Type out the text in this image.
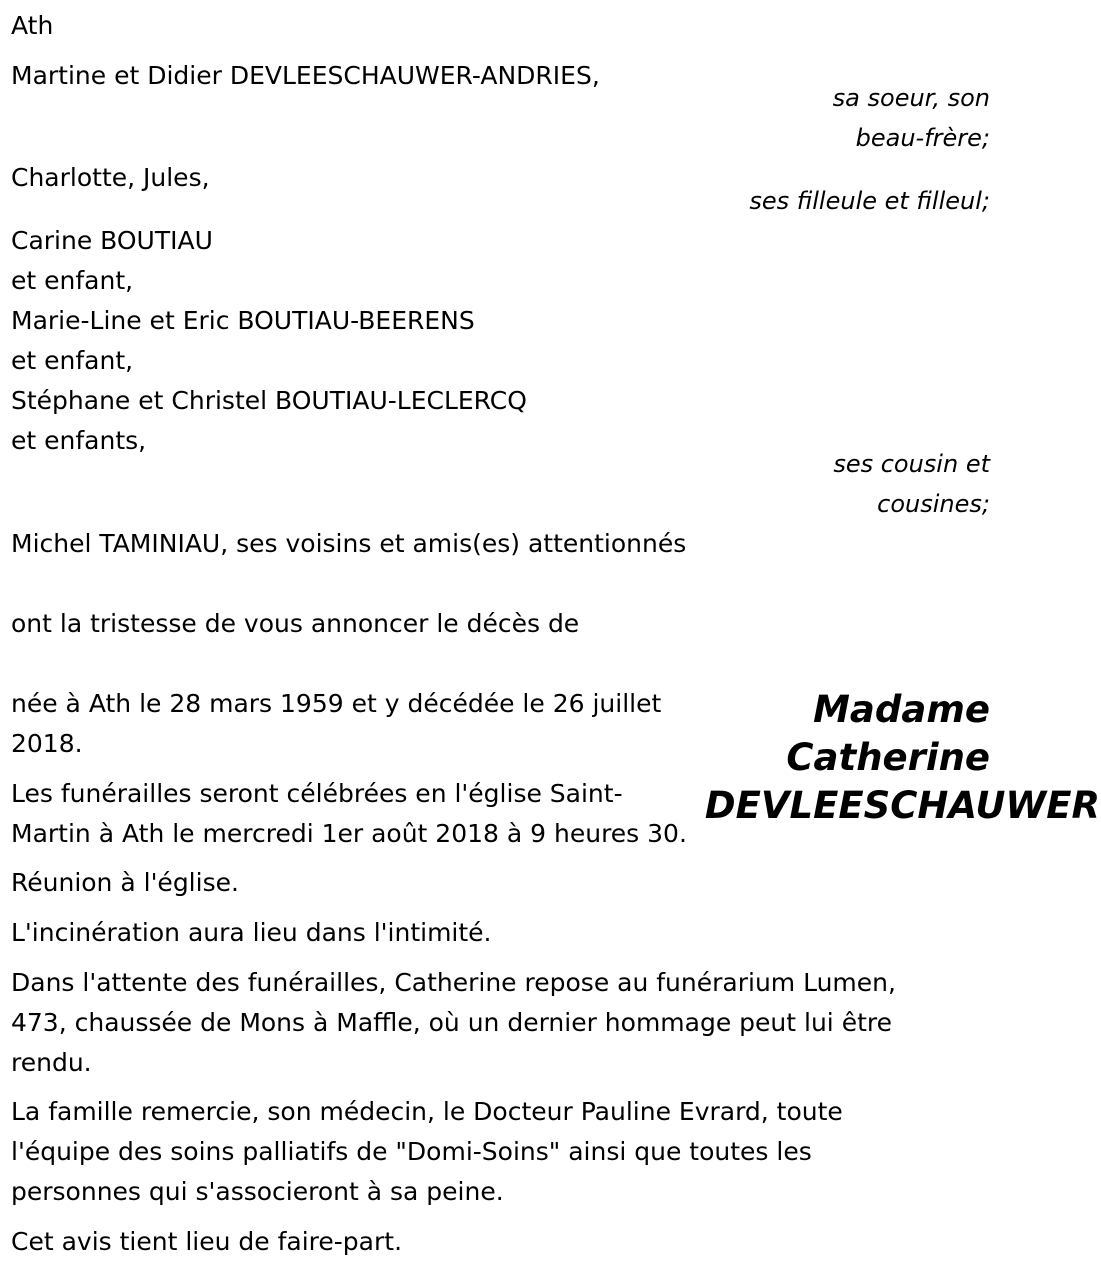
Ath
Martine et Didier DEVLEESCHAUWER-ANDRIES,
sa soeur, son
beau-frère;
Charlotte, Jules,
ses filleule et filleul;
Carine BOUTIAU
et enfant,
Marie-Line et Eric BOUTIAU-BEERENS
et enfant,
Stéphane et Christel BOUTIAU-LECLERCQ
et enfants,
ses cousin et
cousines;
Michel TAMINIAU, ses voisins et amis(es) attentionnés
ont la tristesse de vous annoncer le décès de
Madame
Catherine
DEVLEESCHAUWER
née à Ath le 28 mars 1959 et y décédée le 26 juillet
2018.
Les funérailles seront célébrées en l'église Saint-
Martin à Ath le mercredi 1er août 2018 à 9 heures 30.
Réunion à l'église.
L'incinération aura lieu dans l'intimité.
Dans l'attente des funérailles, Catherine repose au funérarium Lumen,
473, chaussée de Mons à Maffle, où un dernier hommage peut lui être
rendu.
La famille remercie, son médecin, le Docteur Pauline Evrard, toute
l'équipe des soins palliatifs de "Domi-Soins" ainsi que toutes les
personnes qui s'associeront à sa peine.
Cet avis tient lieu de faire-part.
